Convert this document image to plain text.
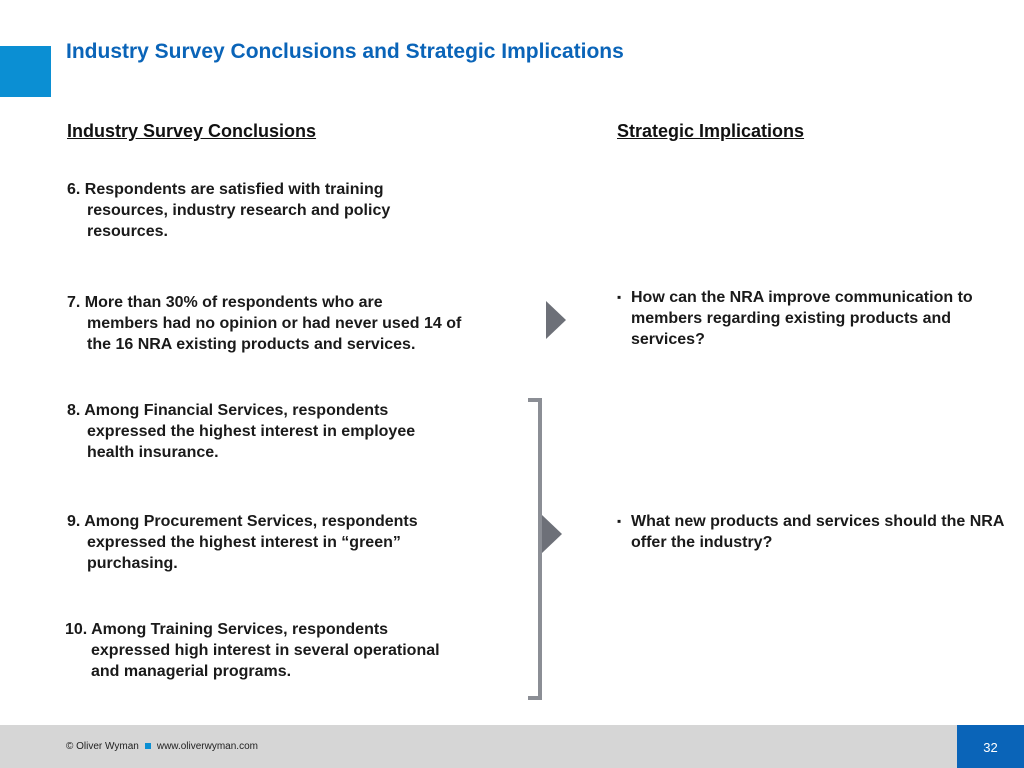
Industry Survey Conclusions and Strategic Implications
Industry Survey Conclusions	Strategic Implications
6. Respondents are satisfied with training
resources, industry research and policy resources.
7. More than 30% of respondents who are
members had no opinion or had never used 14 of the 16 NRA existing products and services.
8. Among Financial Services, respondents
expressed the highest interest in employee health insurance.
9. Among Procurement Services, respondents
expressed the highest interest in “green” purchasing.
10. Among Training Services, respondents
expressed high interest in several operational and managerial programs.
▪ How can the NRA improve communication to members regarding existing products and services?
▪ What new products and services should the NRA offer the industry?
© Oliver Wyman www.oliverwyman.com	32
